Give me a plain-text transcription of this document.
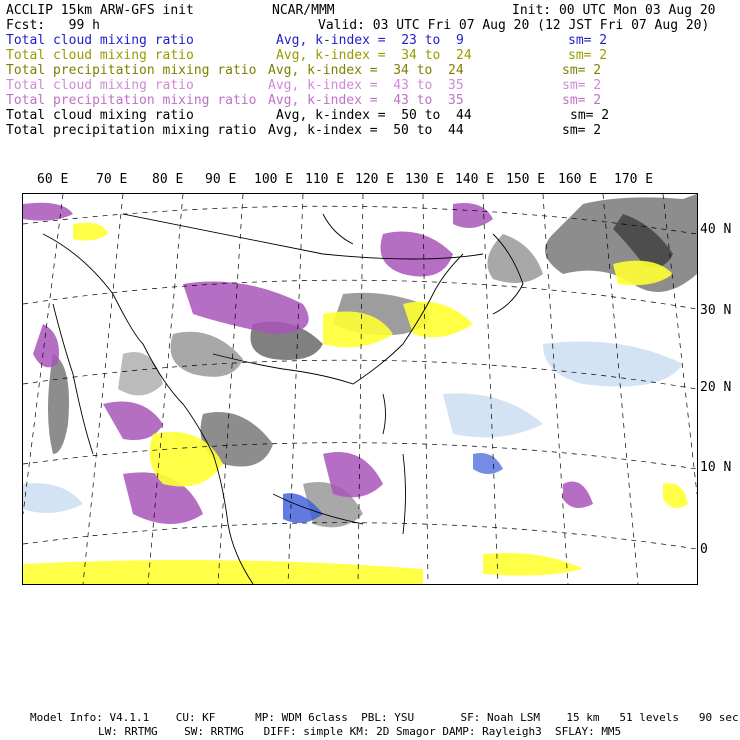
ACCLIP 15km ARW-GFS init	NCAR/MMM	Init: 00 UTC Mon 03 Aug 20
Fcst:   99 h	Valid: 03 UTC Fri 07 Aug 20 (12 JST Fri 07 Aug 20)
Total cloud mixing ratio	Avg, k-index =  23 to  9	sm= 2
Total cloud mixing ratio	Avg, k-index =  34 to  24	sm= 2
Total precipitation mixing ratio Avg, k-index =  34 to  24	sm= 2
Total cloud mixing ratio	Avg, k-index =  43 to  35	sm= 2
Total precipitation mixing ratio Avg, k-index =  43 to  35	sm= 2
Total cloud mixing ratio	Avg, k-index =  50 to  44	sm= 2
Total precipitation mixing ratio Avg, k-index =  50 to  44	sm= 2
60 E 70 E 80 E 90 E 100 E 110 E 120 E 130 E 140 E 150 E 160 E 170 E
40 N
30 N
20 N
10 N
0
Model Info: V4.1.1    CU: KF      MP: WDM 6class  PBL: YSU       SF: Noah LSM    15 km   51 levels   90 sec
LW: RRTMG    SW: RRTMG   DIFF: simple KM: 2D Smagor DAMP: Rayleigh3  SFLAY: MM5
